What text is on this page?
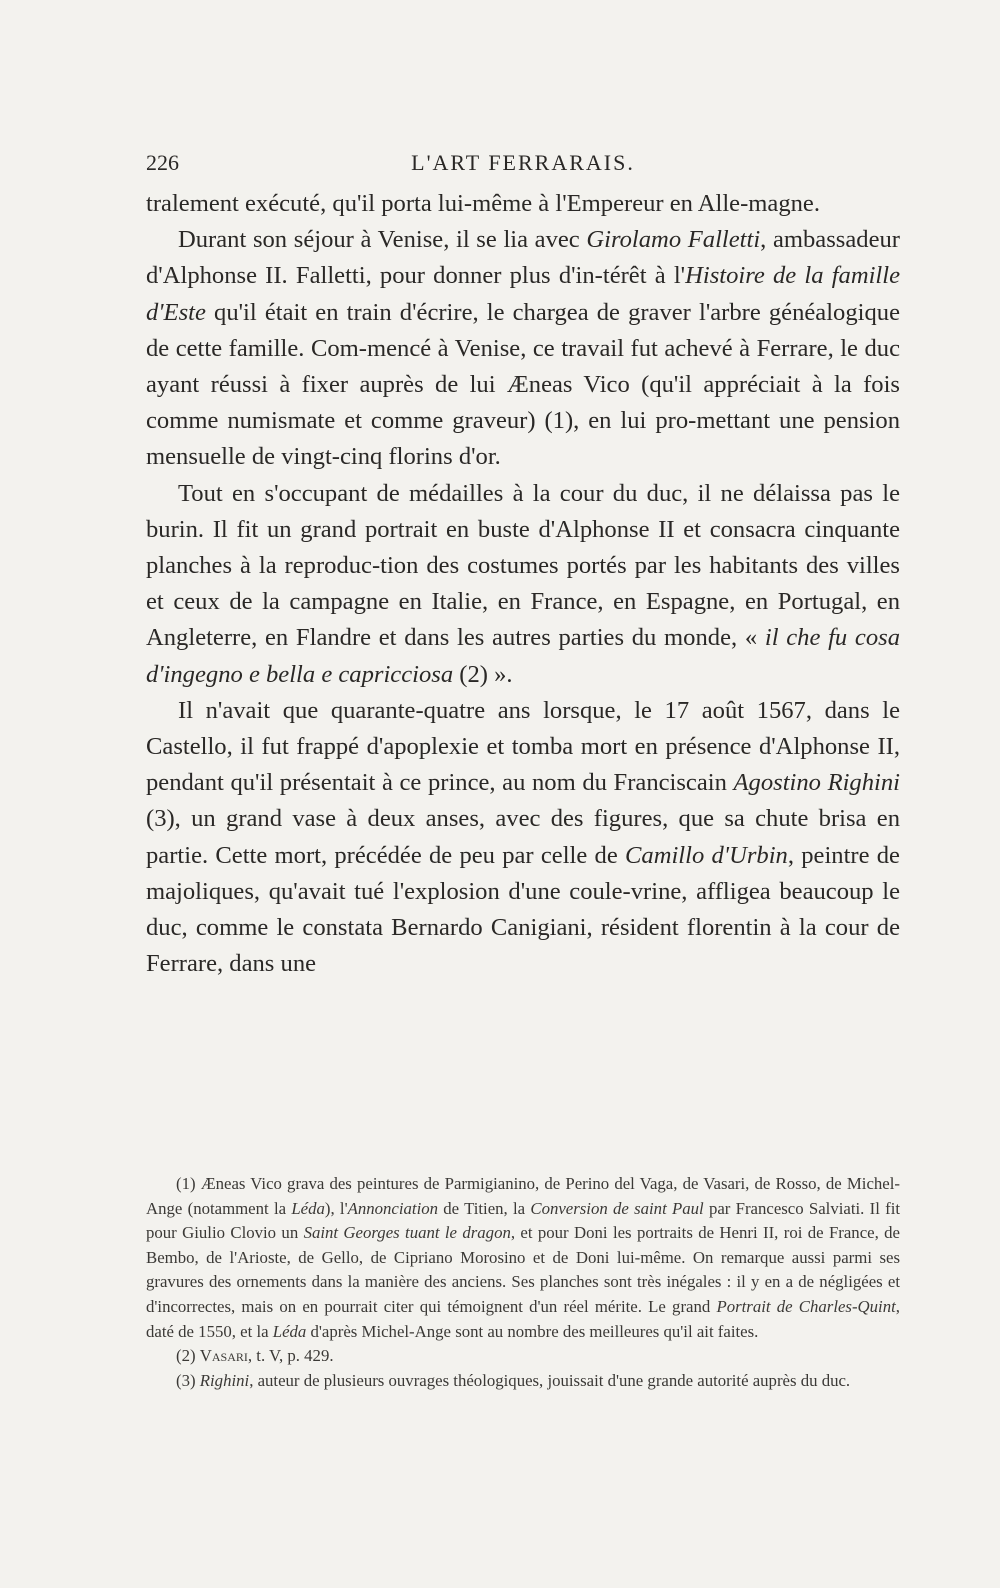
226	L'ART FERRARAIS.

tralement exécuté, qu'il porta lui-même à l'Empereur en Alle-magne.

Durant son séjour à Venise, il se lia avec Girolamo Falletti, ambassadeur d'Alphonse II. Falletti, pour donner plus d'in-térêt à l'Histoire de la famille d'Este qu'il était en train d'écrire, le chargea de graver l'arbre généalogique de cette famille. Com-mencé à Venise, ce travail fut achevé à Ferrare, le duc ayant réussi à fixer auprès de lui Æneas Vico (qu'il appréciait à la fois comme numismate et comme graveur) (1), en lui pro-mettant une pension mensuelle de vingt-cinq florins d'or.

Tout en s'occupant de médailles à la cour du duc, il ne délaissa pas le burin. Il fit un grand portrait en buste d'Alphonse II et consacra cinquante planches à la reproduc-tion des costumes portés par les habitants des villes et ceux de la campagne en Italie, en France, en Espagne, en Portugal, en Angleterre, en Flandre et dans les autres parties du monde, « il che fu cosa d'ingegno e bella e capricciosa (2) ».

Il n'avait que quarante-quatre ans lorsque, le 17 août 1567, dans le Castello, il fut frappé d'apoplexie et tomba mort en présence d'Alphonse II, pendant qu'il présentait à ce prince, au nom du Franciscain Agostino Righini (3), un grand vase à deux anses, avec des figures, que sa chute brisa en partie. Cette mort, précédée de peu par celle de Camillo d'Urbin, peintre de majoliques, qu'avait tué l'explosion d'une coule-vrine, affligea beaucoup le duc, comme le constata Bernardo Canigiani, résident florentin à la cour de Ferrare, dans une

(1) Æneas Vico grava des peintures de Parmigianino, de Perino del Vaga, de Vasari, de Rosso, de Michel-Ange (notamment la Léda), l'Annonciation de Titien, la Conversion de saint Paul par Francesco Salviati. Il fit pour Giulio Clovio un Saint Georges tuant le dragon, et pour Doni les portraits de Henri II, roi de France, de Bembo, de l'Arioste, de Gello, de Cipriano Morosino et de Doni lui-même. On remarque aussi parmi ses gravures des ornements dans la manière des anciens. Ses planches sont très inégales : il y en a de négligées et d'incorrectes, mais on en pourrait citer qui témoignent d'un réel mérite. Le grand Portrait de Charles-Quint, daté de 1550, et la Léda d'après Michel-Ange sont au nombre des meilleures qu'il ait faites.

(2) Vasari, t. V, p. 429.

(3) Righini, auteur de plusieurs ouvrages théologiques, jouissait d'une grande autorité auprès du duc.
